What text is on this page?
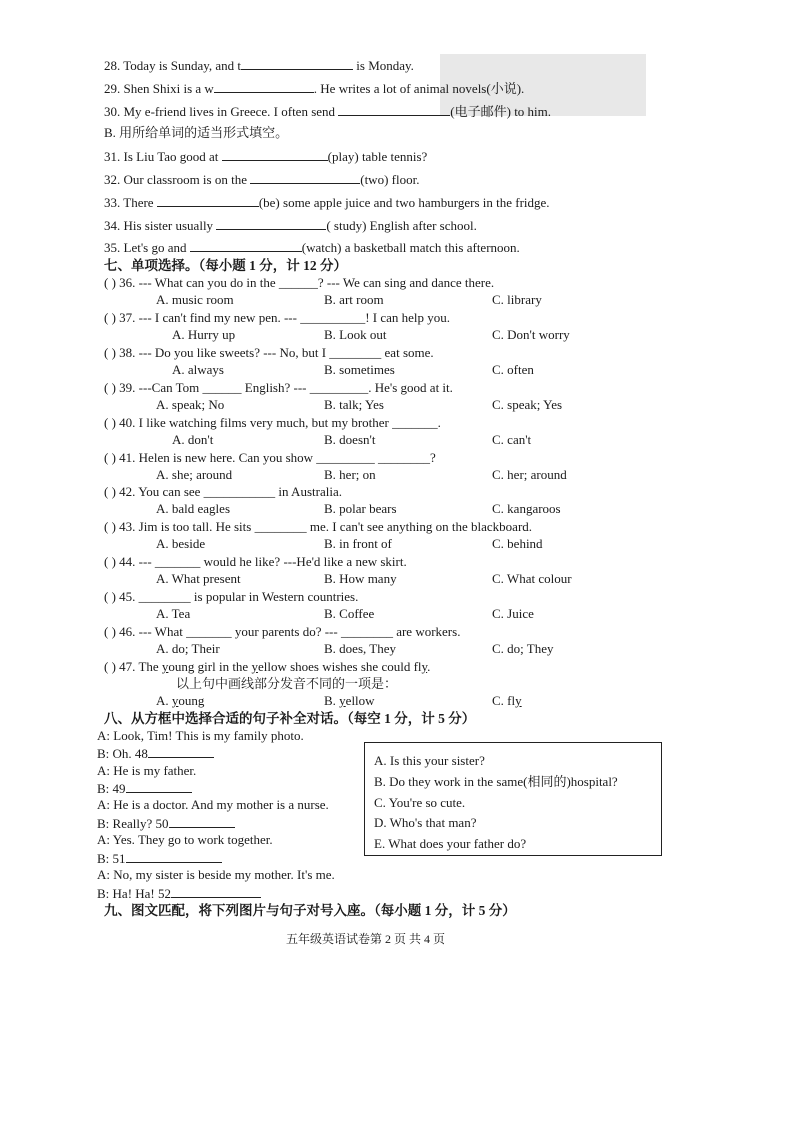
28. Today is Sunday, and t	is Monday.
29. Shen Shixi is a w	. He writes a lot of animal novels(小说).
30. My e-friend lives in Greece. I often send	(电子邮件) to him.
B. 用所给单词的适当形式填空。
31. Is Liu Tao good at	(play) table tennis?
32. Our classroom is on the	(two) floor.
33. There	(be) some apple juice and two hamburgers in the fridge.
34. His sister usually	( study) English after school.
35. Let's go and	(watch) a basketball match this afternoon.
七、单项选择。（每小题 1 分，计 12 分）
( ) 36. --- What can you do in the ______? --- We can sing and dance there.
A. music room	B. art room	C. library
( ) 37. --- I can't find my new pen. --- __________! I can help you.
A. Hurry up	B. Look out	C. Don't worry
( ) 38. --- Do you like sweets? --- No, but I ________ eat some.
A. always	B. sometimes	C. often
( ) 39. ---Can Tom ______ English? --- _________. He's good at it.
A. speak; No	B. talk; Yes	C. speak; Yes
( ) 40. I like watching films very much, but my brother _______.
A. don't	B. doesn't	C. can't
( ) 41. Helen is new here. Can you show _________ ________?
A. she; around	B. her; on	C. her; around
( ) 42. You can see ___________ in Australia.
A. bald eagles	B. polar bears	C. kangaroos
( ) 43. Jim is too tall. He sits ________ me. I can't see anything on the blackboard.
A. beside	B. in front of	C. behind
( ) 44. --- _______ would he like? ---He'd like a new skirt.
A. What present	B. How many	C. What colour
( ) 45. ________ is popular in Western countries.
A. Tea	B. Coffee	C. Juice
( ) 46. --- What _______ your parents do? --- ________ are workers.
A. do; Their	B. does, They	C. do; They
( ) 47. The young girl in the yellow shoes wishes she could fly.
以上句中画线部分发音不同的一项是：
A. young	B. yellow	C. fly
八、从方框中选择合适的句子补全对话。（每空 1 分，计 5 分）
A: Look, Tim! This is my family photo.
B: Oh. 48
A: He is my father.
B: 49
A: He is a doctor. And my mother is a nurse.
B: Really? 50
A: Yes. They go to work together.
B: 51
A: No, my sister is beside my mother. It's me.
B: Ha! Ha! 52
A. Is this your sister?
B. Do they work in the same(相同的)hospital?
C. You're so cute.
D. Who's that man?
E. What does your father do?
九、图文匹配，将下列图片与句子对号入座。（每小题 1 分，计 5 分）
五年级英语试卷第 2 页 共 4 页
